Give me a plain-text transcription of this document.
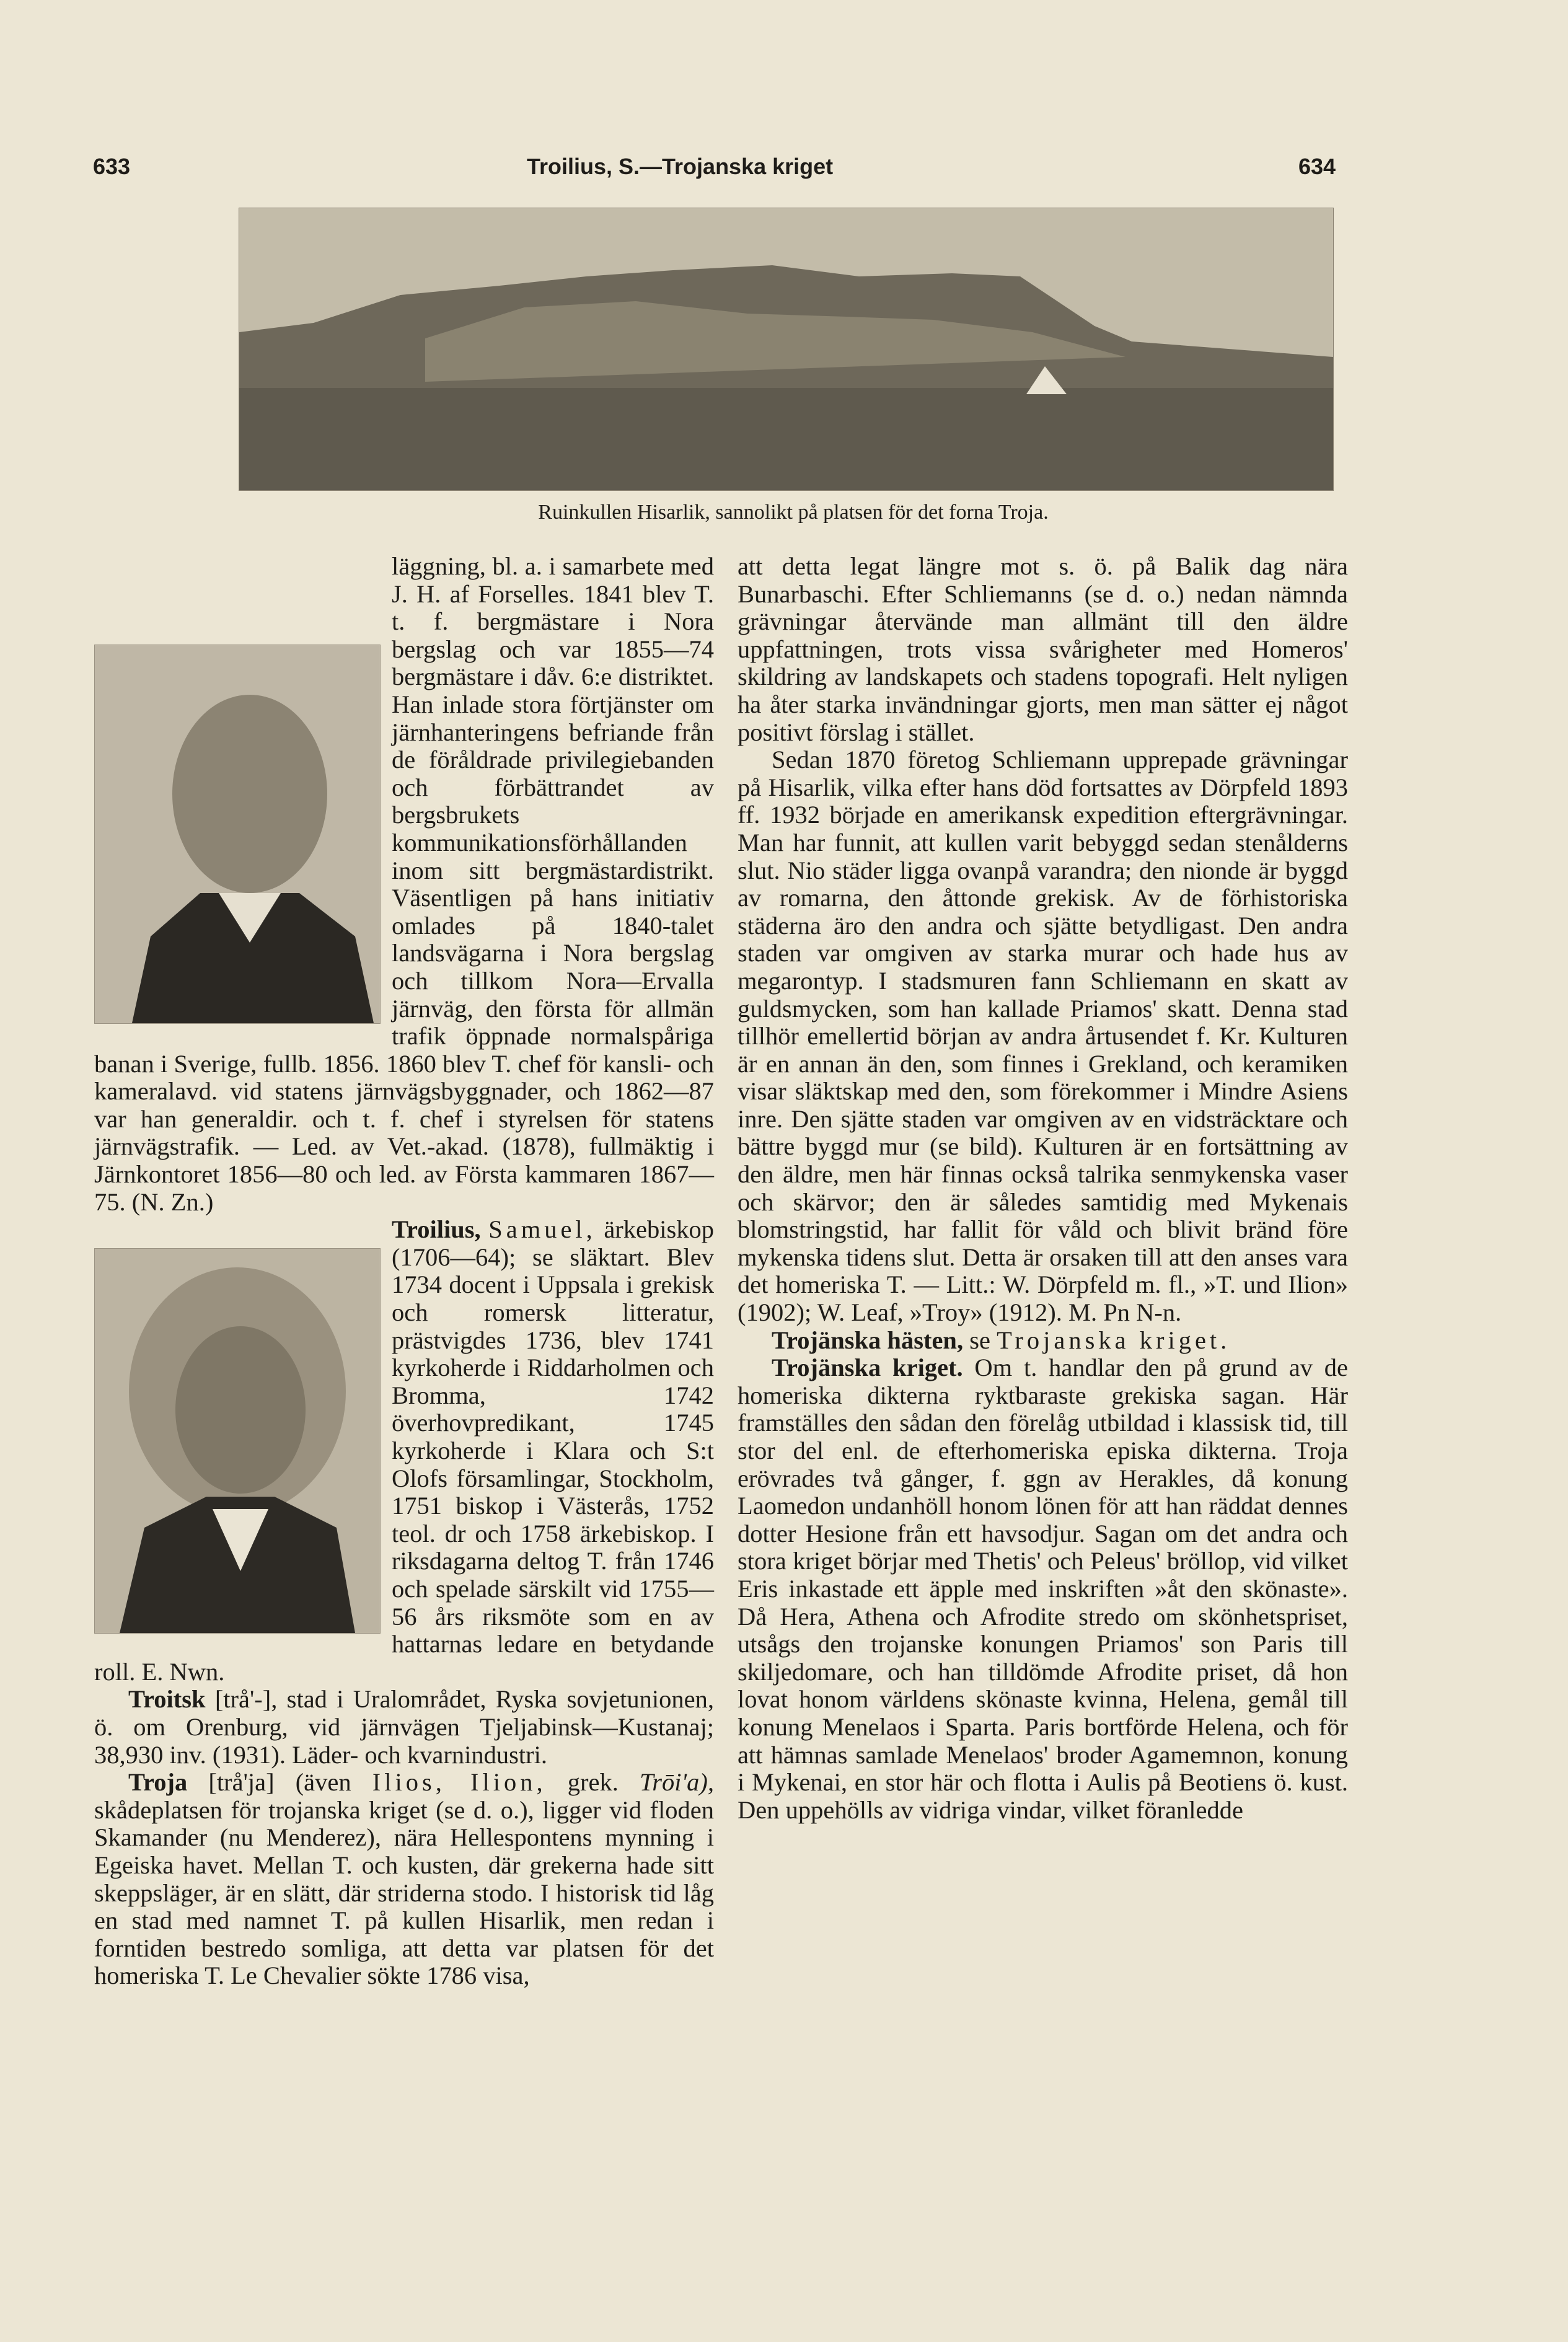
633	Troilius, S.—Trojanska kriget	634
Ruinkullen Hisarlik, sannolikt på platsen för det forna Troja.

läggning, bl. a. i samarbete med J. H. af Forselles. 1841 blev T. t. f. bergmästare i Nora bergslag och var 1855—74 bergmästare i dåv. 6:e distriktet. Han inlade stora förtjänster om järnhanteringens befriande från de föråldrade privilegiebanden och förbättrandet av bergsbrukets kommunikationsförhållanden inom sitt bergmästardistrikt. Väsentligen på hans initiativ omlades på 1840-talet landsvägarna i Nora bergslag och tillkom Nora—Ervalla järnväg, den första för allmän trafik öppnade normalspåriga banan i Sverige, fullb. 1856. 1860 blev T. chef för kansli- och kameralavd. vid statens järnvägsbyggnader, och 1862—87 var han generaldir. och t. f. chef i styrelsen för statens järnvägstrafik. — Led. av Vet.-akad. (1878), fullmäktig i Järnkontoret 1856—80 och led. av Första kammaren 1867—75. (N. Zn.)

Troilius, Samuel, ärkebiskop (1706—64); se släktart. Blev 1734 docent i Uppsala i grekisk och romersk litteratur, prästvigdes 1736, blev 1741 kyrkoherde i Riddarholmen och Bromma, 1742 överhovpredikant, 1745 kyrkoherde i Klara och S:t Olofs församlingar, Stockholm, 1751 biskop i Västerås, 1752 teol. dr och 1758 ärkebiskop. I riksdagarna deltog T. från 1746 och spelade särskilt vid 1755—56 års riksmöte som en av hattarnas ledare en betydande roll. E. Nwn.

Troitsk [trå'-], stad i Uralområdet, Ryska sovjetunionen, ö. om Orenburg, vid järnvägen Tjeljabinsk—Kustanaj; 38,930 inv. (1931). Läder- och kvarnindustri.

Troja [trå'ja] (även Ilios, Ilion, grek. Trōi'a), skådeplatsen för trojanska kriget (se d. o.), ligger vid floden Skamander (nu Menderez), nära Hellespontens mynning i Egeiska havet. Mellan T. och kusten, där grekerna hade sitt skeppsläger, är en slätt, där striderna stodo. I historisk tid låg en stad med namnet T. på kullen Hisarlik, men redan i forntiden bestredo somliga, att detta var platsen för det homeriska T. Le Chevalier sökte 1786 visa,

att detta legat längre mot s. ö. på Balik dag nära Bunarbaschi. Efter Schliemanns (se d. o.) nedan nämnda grävningar återvände man allmänt till den äldre uppfattningen, trots vissa svårigheter med Homeros' skildring av landskapets och stadens topografi. Helt nyligen ha åter starka invändningar gjorts, men man sätter ej något positivt förslag i stället.

Sedan 1870 företog Schliemann upprepade grävningar på Hisarlik, vilka efter hans död fortsattes av Dörpfeld 1893 ff. 1932 började en amerikansk expedition eftergrävningar. Man har funnit, att kullen varit bebyggd sedan stenålderns slut. Nio städer ligga ovanpå varandra; den nionde är byggd av romarna, den åttonde grekisk. Av de förhistoriska städerna äro den andra och sjätte betydligast. Den andra staden var omgiven av starka murar och hade hus av megarontyp. I stadsmuren fann Schliemann en skatt av guldsmycken, som han kallade Priamos' skatt. Denna stad tillhör emellertid början av andra årtusendet f. Kr. Kulturen är en annan än den, som finnes i Grekland, och keramiken visar släktskap med den, som förekommer i Mindre Asiens inre. Den sjätte staden var omgiven av en vidsträcktare och bättre byggd mur (se bild). Kulturen är en fortsättning av den äldre, men här finnas också talrika senmykenska vaser och skärvor; den är således samtidig med Mykenais blomstringstid, har fallit för våld och blivit bränd före mykenska tidens slut. Detta är orsaken till att den anses vara det homeriska T. — Litt.: W. Dörpfeld m. fl., »T. und Ilion» (1902); W. Leaf, »Troy» (1912). M. Pn N-n.

Trojänska hästen, se Trojanska kriget.

Trojänska kriget. Om t. handlar den på grund av de homeriska dikterna ryktbaraste grekiska sagan. Här framställes den sådan den förelåg utbildad i klassisk tid, till stor del enl. de efterhomeriska episka dikterna. Troja erövrades två gånger, f. ggn av Herakles, då konung Laomedon undanhöll honom lönen för att han räddat dennes dotter Hesione från ett havsodjur. Sagan om det andra och stora kriget börjar med Thetis' och Peleus' bröllop, vid vilket Eris inkastade ett äpple med inskriften »åt den skönaste». Då Hera, Athena och Afrodite stredo om skönhetspriset, utsågs den trojanske konungen Priamos' son Paris till skiljedomare, och han tilldömde Afrodite priset, då hon lovat honom världens skönaste kvinna, Helena, gemål till konung Menelaos i Sparta. Paris bortförde Helena, och för att hämnas samlade Menelaos' broder Agamemnon, konung i Mykenai, en stor här och flotta i Aulis på Beotiens ö. kust. Den uppehölls av vidriga vindar, vilket föranledde
